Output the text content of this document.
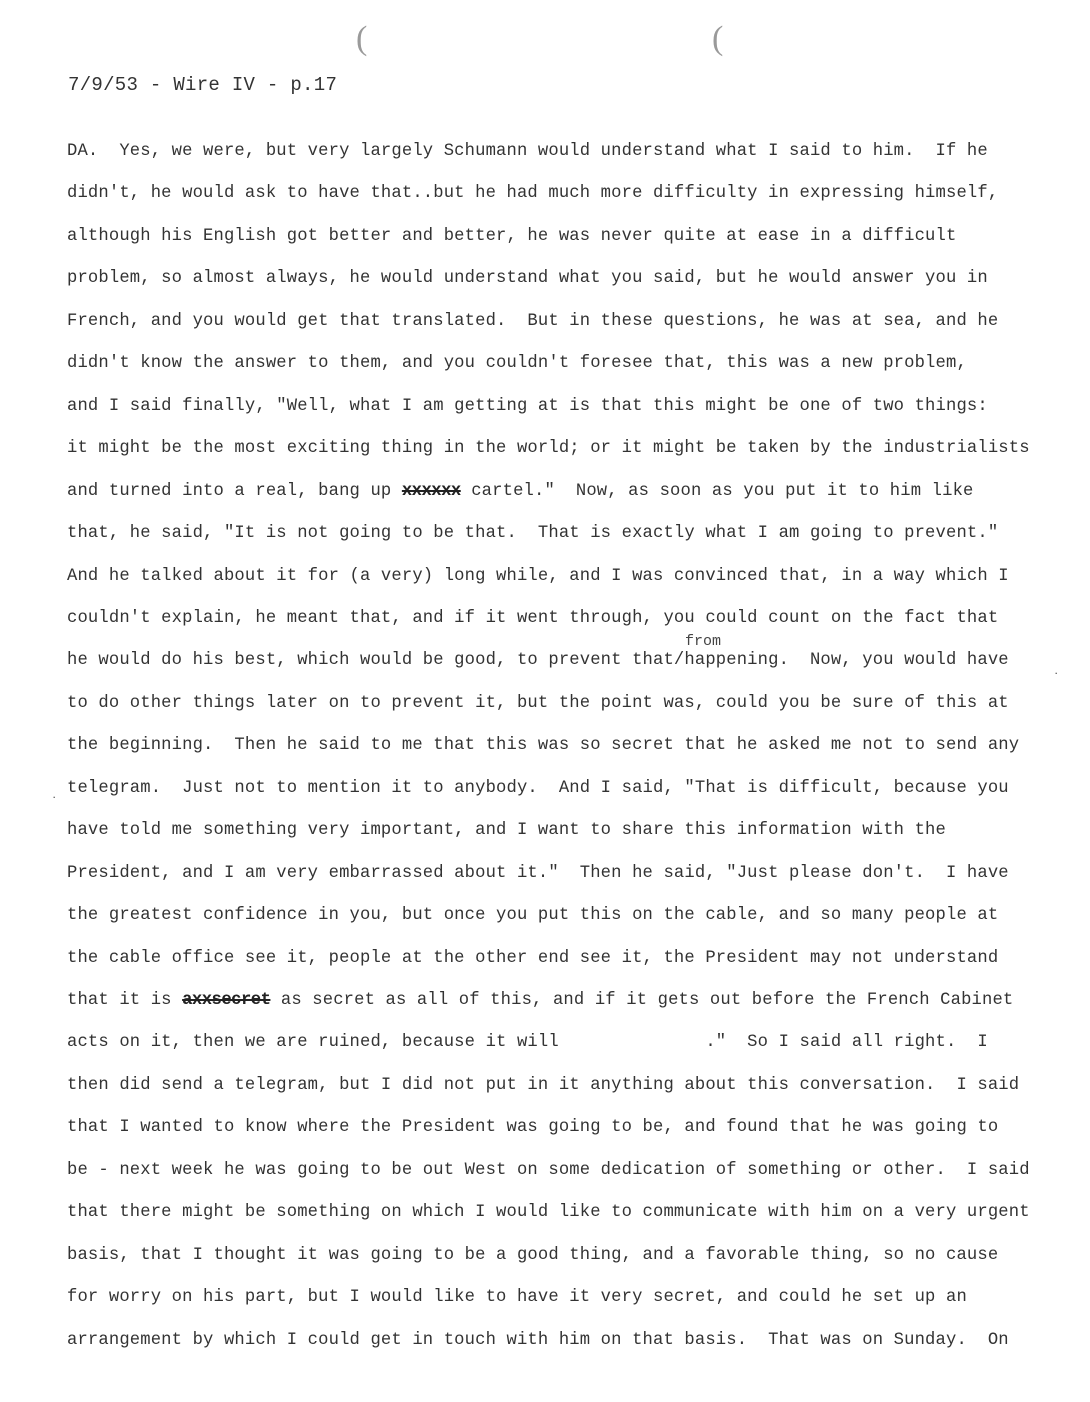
(	(
7/9/53 - Wire IV - p.17
DA.  Yes, we were, but very largely Schumann would understand what I said to him.  If he
didn't, he would ask to have that..but he had much more difficulty in expressing himself,
although his English got better and better, he was never quite at ease in a difficult
problem, so almost always, he would understand what you said, but he would answer you in
French, and you would get that translated.  But in these questions, he was at sea, and he
didn't know the answer to them, and you couldn't foresee that, this was a new problem,
and I said finally, "Well, what I am getting at is that this might be one of two things:
it might be the most exciting thing in the world; or it might be taken by the industrialists
and turned into a real, bang up xxxxxx cartel."  Now, as soon as you put it to him like
that, he said, "It is not going to be that.  That is exactly what I am going to prevent."
And he talked about it for (a very) long while, and I was convinced that, in a way which I
couldn't explain, he meant that, and if it went through, you could count on the fact that
he would do his best, which would be good, to prevent that/happening.  Now, you would have
to do other things later on to prevent it, but the point was, could you be sure of this at
the beginning.  Then he said to me that this was so secret that he asked me not to send any
telegram.  Just not to mention it to anybody.  And I said, "That is difficult, because you
have told me something very important, and I want to share this information with the
President, and I am very embarrassed about it."  Then he said, "Just please don't.  I have
the greatest confidence in you, but once you put this on the cable, and so many people at
the cable office see it, people at the other end see it, the President may not understand
that it is axxsecret as secret as all of this, and if it gets out before the French Cabinet
acts on it, then we are ruined, because it will              ."  So I said all right.  I
then did send a telegram, but I did not put in it anything about this conversation.  I said
that I wanted to know where the President was going to be, and found that he was going to
be - next week he was going to be out West on some dedication of something or other.  I said
that there might be something on which I would like to communicate with him on a very urgent
basis, that I thought it was going to be a good thing, and a favorable thing, so no cause
for worry on his part, but I would like to have it very secret, and could he set up an
arrangement by which I could get in touch with him on that basis.  That was on Sunday.  On
from
˙
˙
